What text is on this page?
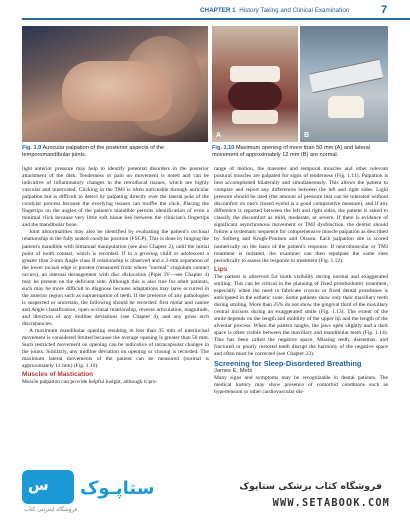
CHAPTER 1 History Taking and Clinical Examination	7
A	B
Fig. 1.9 Auricular palpation of the posterior aspects of the temporomandibular joints.
Fig. 1.10 Maximum opening of more than 50 mm (A) and lateral movement of approximately 12 mm (B) are normal.

light anterior pressure may help to identify potential disorders in the posterior attachment of the disk. Tenderness or pain on movement is noted and can be indicative of inflammatory changes in the retrodiscal tissues, which are highly vascular and innervated. Clicking in the TMJ is often noticeable through auricular palpation but is difficult to detect by palpating directly over the lateral pole of the condylar process because the overlying tissues can muffle the click. Placing the fingertips on the angles of the patient's mandible permits identification of even a minimal click because very little soft tissue lies between the clinician's fingertips and the mandibular bone.

Joint abnormalities may also be identified by evaluating the patient's occlusal relationship in the fully seated condylar position (FSCP). This is done by hinging the patient's mandible with bimanual manipulation (see also Chapter 2), until the initial point of tooth contact, which is recorded. If in a growing child or adolescent a greater than 2-mm Angle class II relationship is observed and a 2-mm separation of the lower incisal edge is present (measured from where "normal" cingulum contact occurs), an internal derangement with disc dislocation (Piper IV—see Chapter 4) may be present on the deficient side. Although this is also true for adult patients, such may be more difficult to diagnose because adaptations may have occurred in the anterior region such as supraeruption of teeth. If the presence of any pathologies is suspected or uncertain, the following should be recorded: first molar and canine and Angle classification, open occlusal relationship, reverse articulation, magnitude, and direction of any midline deviations (see Chapter 4), and any gross arch discrepancies.

A maximum mandibular opening resulting in less than 35 mm of interincisal movement is considered limited because the average opening is greater than 50 mm. Such restricted movement on opening can be indicative of intracapsular changes in the joints. Similarly, any midline deviation on opening or closing is recorded. The maximum lateral movements of the patient can be measured (normal is approximately 12 mm) (Fig. 1.10).

Muscles of Mastication

Muscle palpation can provide helpful insight, although it pro-

range of motion, the masseter and temporal muscles and other relevant postural muscles are palpated for signs of tenderness (Fig. 1.11). Palpation is best accomplished bilaterally and simultaneously. This allows the patient to compare and report any differences between the left and right sides. Light pressure should be used (the amount of pressure that can be tolerated without discomfort on one's closed eyelid is a good comparative measure), and if any difference is reported between the left and right sides, the patient is asked to classify the discomfort as mild, moderate, or severe. If there is evidence of significant asynchronous movement or TMJ dysfunction, the dentist should follow a systematic sequence for comprehensive muscle palpation as described by Solberg and Krogh-Poulsen and Olsson. Each palpation site is scored numerically on the basis of the patient's response. If neuromuscular or TMJ treatment is initiated, the examiner can then repalpate the same sites periodically to assess the response to treatment (Fig. 1.12).

Lips

The patient is observed for tooth visibility during normal and exaggerated smiling. This can be critical in the planning of fixed prosthodontic treatment, especially when the need to fabricate crowns or fixed dental prostheses is anticipated in the esthetic zone. Some patients show only their maxillary teeth during smiling. More than 25% do not show the gingival third of the maxillary central incisors during an exaggerated smile (Fig. 1.13). The extent of the smile depends on the length and mobility of the upper lip and the length of the alveolar process. When the patient laughs, the jaws open slightly and a dark space is often visible between the maxillary and mandibular teeth (Fig. 1.14). This has been called the negative space. Missing teeth, diastemas, and fractured or poorly restored teeth disrupt the harmony of the negative space and often must be corrected (see Chapter 23).

Screening for Sleep-Disordered Breathing
James E. Metz

Many signs and symptoms may be recognizable in dental patients. The medical history may show presence of comorbid conditions such as hypertension or other cardiovascular dis-

س ستاپـوک
فروشگاه اینترنتی کتاب
فروشگاه کتاب پزشکی ستاپوک
WWW.SETABOOK.COM
